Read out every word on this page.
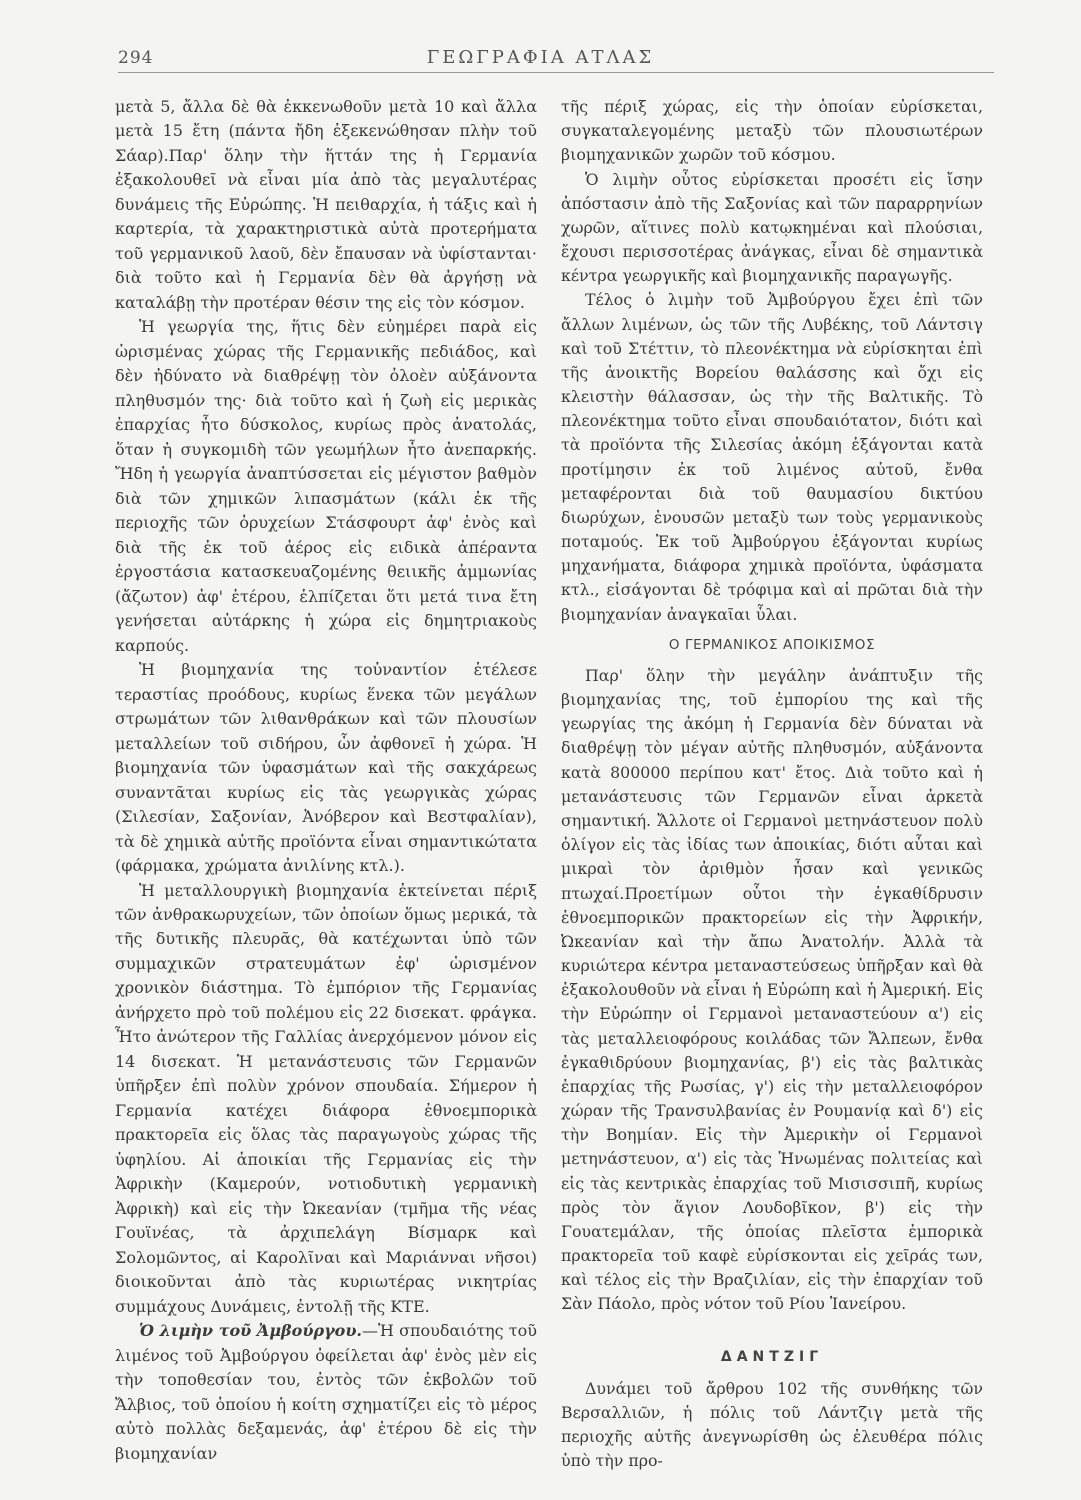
294	ΓΕΩΓΡΑΦΙΑ ΑΤΛΑΣ

μετὰ 5, ἄλλα δὲ θὰ ἐκκενωθοῦν μετὰ 10 καὶ ἄλλα μετὰ 15 ἔτη (πάντα ἤδη ἐξεκενώθησαν πλὴν τοῦ Σάαρ).Παρ' ὅλην τὴν ἥττάν της ἡ Γερμανία ἐξακολουθεῖ νὰ εἶναι μία ἀπὸ τὰς μεγαλυτέρας δυνάμεις τῆς Εὐρώπης. Ἡ πειθαρχία, ἡ τάξις καὶ ἡ καρτερία, τὰ χαρακτηριστικὰ αὐτὰ προτερήματα τοῦ γερμανικοῦ λαοῦ, δὲν ἔπαυσαν νὰ ὑφίστανται· διὰ τοῦτο καὶ ἡ Γερμανία δὲν θὰ ἀργήσῃ νὰ καταλάβῃ τὴν προτέραν θέσιν της εἰς τὸν κόσμον.

Ἡ γεωργία της, ἥτις δὲν εὐημέρει παρὰ εἰς ὡρισμένας χώρας τῆς Γερμανικῆς πεδιάδος, καὶ δὲν ἠδύνατο νὰ διαθρέψῃ τὸν ὁλοὲν αὐξάνοντα πληθυσμόν της· διὰ τοῦτο καὶ ἡ ζωὴ εἰς μερικὰς ἐπαρχίας ἦτο δύσκολος, κυρίως πρὸς ἀνατολάς, ὅταν ἡ συγκομιδὴ τῶν γεωμήλων ἦτο ἀνεπαρκής. Ἤδη ἡ γεωργία ἀναπτύσσεται εἰς μέγιστον βαθμὸν διὰ τῶν χημικῶν λιπασμάτων (κάλι ἐκ τῆς περιοχῆς τῶν ὀρυχείων Στάσφουρτ ἀφ' ἑνὸς καὶ διὰ τῆς ἐκ τοῦ ἀέρος εἰς ειδικὰ ἀπέραντα ἐργοστάσια κατασκευαζομένης θειικῆς ἀμμωνίας (ἄζωτον) ἀφ' ἑτέρου, ἐλπίζεται ὅτι μετά τινα ἔτη γενήσεται αὐτάρκης ἡ χώρα εἰς δημητριακοὺς καρπούς.

Ἡ βιομηχανία της τοὐναντίον ἐτέλεσε τεραστίας προόδους, κυρίως ἕνεκα τῶν μεγάλων στρωμάτων τῶν λιθανθράκων καὶ τῶν πλουσίων μεταλλείων τοῦ σιδήρου, ὧν ἀφθονεῖ ἡ χώρα. Ἡ βιομηχανία τῶν ὑφασμάτων καὶ τῆς σακχάρεως συναντᾶται κυρίως εἰς τὰς γεωργικὰς χώρας (Σιλεσίαν, Σαξονίαν, Ἀνόβερον καὶ Βεστφαλίαν), τὰ δὲ χημικὰ αὐτῆς προϊόντα εἶναι σημαντικώτατα (φάρμακα, χρώματα ἀνιλίνης κτλ.).

Ἡ μεταλλουργικὴ βιομηχανία ἐκτείνεται πέριξ τῶν ἀνθρακωρυχείων, τῶν ὁποίων ὅμως μερικά, τὰ τῆς δυτικῆς πλευρᾶς, θὰ κατέχωνται ὑπὸ τῶν συμμαχικῶν στρατευμάτων ἐφ' ὡρισμένον χρονικὸν διάστημα. Τὸ ἐμπόριον τῆς Γερμανίας ἀνήρχετο πρὸ τοῦ πολέμου εἰς 22 δισεκατ. φράγκα. Ἦτο ἀνώτερον τῆς Γαλλίας ἀνερχόμενον μόνον εἰς 14 δισεκατ. Ἡ μετανάστευσις τῶν Γερμανῶν ὑπῆρξεν ἐπὶ πολὺν χρόνον σπουδαία. Σήμερον ἡ Γερμανία κατέχει διάφορα ἐθνοεμπορικὰ πρακτορεῖα εἰς ὅλας τὰς παραγωγοὺς χώρας τῆς ὑφηλίου. Αἱ ἀποικίαι τῆς Γερμανίας εἰς τὴν Ἀφρικὴν (Καμερούν, νοτιοδυτικὴ γερμανικὴ Ἀφρικὴ) καὶ εἰς τὴν Ὠκεανίαν (τμῆμα τῆς νέας Γουϊνέας, τὰ ἀρχιπελάγη Βίσμαρκ καὶ Σολομῶντος, αἱ Καρολῖναι καὶ Μαριάνναι νῆσοι) διοικοῦνται ἀπὸ τὰς κυριωτέρας νικητρίας συμμάχους Δυνάμεις, ἐντολῇ τῆς ΚΤΕ.

Ὁ λιμὴν τοῦ Ἀμβούργου.—Ἡ σπουδαιότης τοῦ λιμένος τοῦ Ἀμβούργου ὀφείλεται ἀφ' ἑνὸς μὲν εἰς τὴν τοποθεσίαν του, ἐντὸς τῶν ἐκβολῶν τοῦ Ἄλβιος, τοῦ ὁποίου ἡ κοίτη σχηματίζει εἰς τὸ μέρος αὐτὸ πολλὰς δεξαμενάς, ἀφ' ἑτέρου δὲ εἰς τὴν βιομηχανίαν

τῆς πέριξ χώρας, εἰς τὴν ὁποίαν εὑρίσκεται, συγκαταλεγομένης μεταξὺ τῶν πλουσιωτέρων βιομηχανικῶν χωρῶν τοῦ κόσμου.

Ὁ λιμὴν οὗτος εὑρίσκεται προσέτι εἰς ἴσην ἀπόστασιν ἀπὸ τῆς Σαξονίας καὶ τῶν παραρρηνίων χωρῶν, αἵτινες πολὺ κατῳκημέναι καὶ πλούσιαι, ἔχουσι περισσοτέρας ἀνάγκας, εἶναι δὲ σημαντικὰ κέντρα γεωργικῆς καὶ βιομηχανικῆς παραγωγῆς.

Τέλος ὁ λιμὴν τοῦ Ἀμβούργου ἔχει ἐπὶ τῶν ἄλλων λιμένων, ὡς τῶν τῆς Λυβέκης, τοῦ Λάντσιγ καὶ τοῦ Στέττιν, τὸ πλεονέκτημα νὰ εὑρίσκηται ἐπὶ τῆς ἀνοικτῆς Βορείου θαλάσσης καὶ ὄχι εἰς κλειστὴν θάλασσαν, ὡς τὴν τῆς Βαλτικῆς. Τὸ πλεονέκτημα τοῦτο εἶναι σπουδαιότατον, διότι καὶ τὰ προϊόντα τῆς Σιλεσίας ἀκόμη ἐξάγονται κατὰ προτίμησιν ἐκ τοῦ λιμένος αὐτοῦ, ἔνθα μεταφέρονται διὰ τοῦ θαυμασίου δικτύου διωρύχων, ἑνουσῶν μεταξὺ των τοὺς γερμανικοὺς ποταμούς. Ἐκ τοῦ Ἀμβούργου ἐξάγονται κυρίως μηχανήματα, διάφορα χημικὰ προϊόντα, ὑφάσματα κτλ., εἰσάγονται δὲ τρόφιμα καὶ αἱ πρῶται διὰ τὴν βιομηχανίαν ἀναγκαῖαι ὗλαι.

Ο ΓΕΡΜΑΝΙΚΟΣ ΑΠΟΙΚΙΣΜΟΣ

Παρ' ὅλην τὴν μεγάλην ἀνάπτυξιν τῆς βιομηχανίας της, τοῦ ἐμπορίου της καὶ τῆς γεωργίας της ἀκόμη ἡ Γερμανία δὲν δύναται νὰ διαθρέψῃ τὸν μέγαν αὐτῆς πληθυσμόν, αὐξάνοντα κατὰ 800000 περίπου κατ' ἔτος. Διὰ τοῦτο καὶ ἡ μετανάστευσις τῶν Γερμανῶν εἶναι ἀρκετὰ σημαντική. Ἄλλοτε οἱ Γερμανοὶ μετηνάστευον πολὺ ὀλίγον εἰς τὰς ἰδίας των ἀποικίας, διότι αὗται καὶ μικραὶ τὸν ἀριθμὸν ἦσαν καὶ γενικῶς πτωχαί.Προετίμων οὗτοι τὴν ἐγκαθίδρυσιν ἐθνοεμπορικῶν πρακτορείων εἰς τὴν Ἀφρικήν, Ὠκεανίαν καὶ τὴν ἄπω Ἀνατολήν. Ἀλλὰ τὰ κυριώτερα κέντρα μεταναστεύσεως ὑπῆρξαν καὶ θὰ ἐξακολουθοῦν νὰ εἶναι ἡ Εὐρώπη καὶ ἡ Ἀμερική. Εἰς τὴν Εὐρώπην οἱ Γερμανοὶ μεταναστεύουν α') εἰς τὰς μεταλλειοφόρους κοιλάδας τῶν Ἄλπεων, ἔνθα ἐγκαθιδρύουν βιομηχανίας, β') εἰς τὰς βαλτικὰς ἐπαρχίας τῆς Ρωσίας, γ') εἰς τὴν μεταλλειοφόρον χώραν τῆς Τρανσυλβανίας ἐν Ρουμανίᾳ καὶ δ') εἰς τὴν Βοημίαν. Εἰς τὴν Ἀμερικὴν οἱ Γερμανοὶ μετηνάστευον, α') εἰς τὰς Ἡνωμένας πολιτείας καὶ εἰς τὰς κεντρικὰς ἐπαρχίας τοῦ Μισισσιπῆ, κυρίως πρὸς τὸν ἅγιον Λουδοβῖκον, β') εἰς τὴν Γουατεμάλαν, τῆς ὁποίας πλεῖστα ἐμπορικὰ πρακτορεῖα τοῦ καφὲ εὑρίσκονται εἰς χεῖράς των, καὶ τέλος εἰς τὴν Βραζιλίαν, εἰς τὴν ἐπαρχίαν τοῦ Σὰν Πάολο, πρὸς νότον τοῦ Ρίου Ἰανείρου.

ΔΑΝΤΖΙΓ

Δυνάμει τοῦ ἄρθρου 102 τῆς συνθήκης τῶν Βερσαλλιῶν, ἡ πόλις τοῦ Λάντζιγ μετὰ τῆς περιοχῆς αὐτῆς ἀνεγνωρίσθη ὡς ἐλευθέρα πόλις ὑπὸ τὴν προ-
